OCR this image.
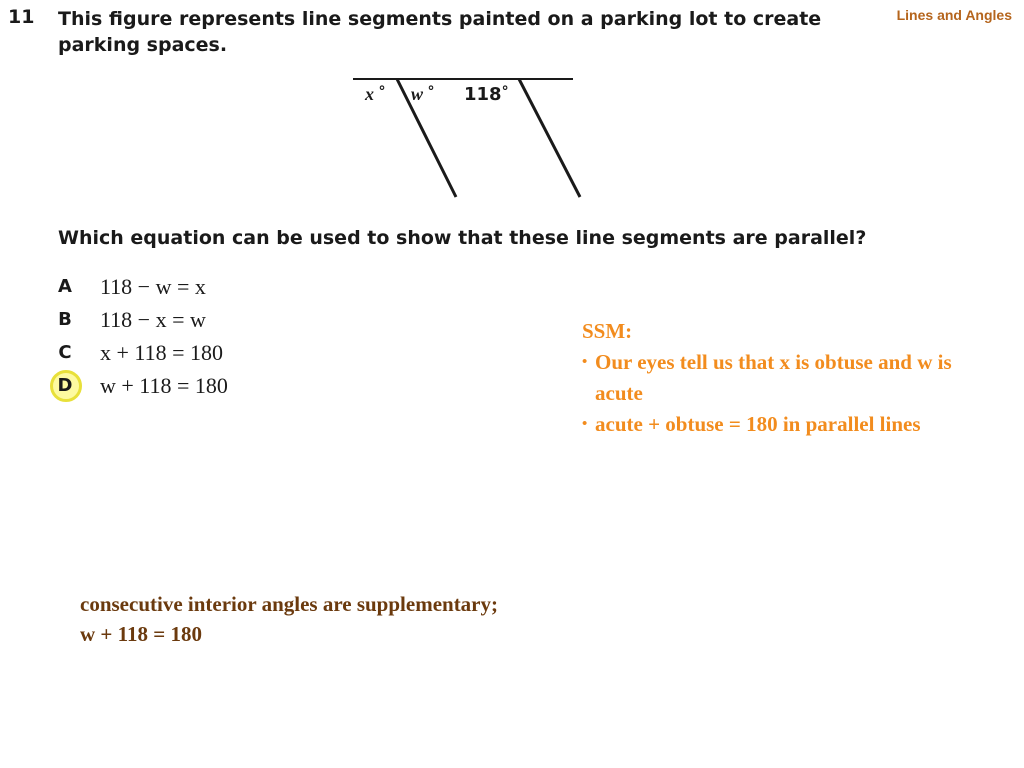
Lines and Angles
11 This figure represents line segments painted on a parking lot to create parking spaces.
x ° w ° 118°
Which equation can be used to show that these line segments are parallel?
A 118 − w = x
B 118 − x = w
C x + 118 = 180
D w + 118 = 180
SSM:
• Our eyes tell us that x is obtuse and w is acute
• acute + obtuse = 180 in parallel lines
consecutive interior angles are supplementary;
w + 118 = 180
